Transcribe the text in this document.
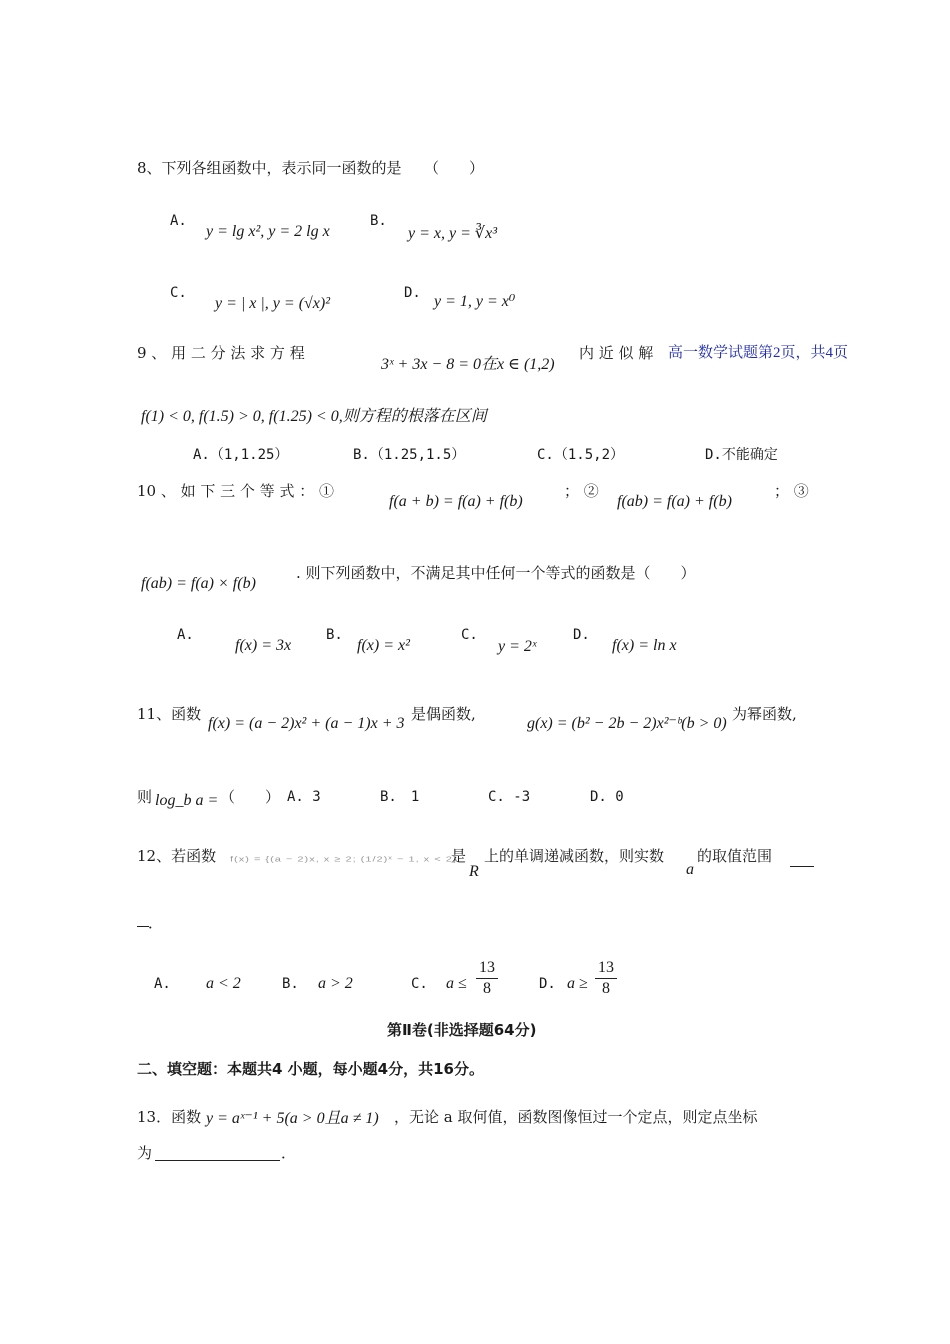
8、下列各组函数中，表示同一函数的是　　（　　）
A.
y = lg x², y = 2 lg x
B.
y = x, y = ∛x³
C.
y = | x |, y = (√x)²
D. y = 1, y = x⁰
9 、 用 二 分 法 求 方 程
3ˣ + 3x − 8 = 0在x ∈ (1,2)
内 近 似 解 高一数学试题第2页，共4页
f(1) < 0, f(1.5) > 0, f(1.25) < 0,则方程的根落在区间
A.（1,1.25）	B.（1.25,1.5）	C.（1.5,2）	D.不能确定
10 、 如 下 三 个 等 式 ： ①
f(a + b) = f(a) + f(b)
； ②
f(ab) = f(a) + f(b)
； ③
f(ab) = f(a) × f(b)
. 则下列函数中，不满足其中任何一个等式的函数是（　　）
A.
f(x) = 3x
B.
f(x) = x²
C.
y = 2ˣ
D.
f(x) = ln x
11、函数
f(x) = (a − 2)x² + (a − 1)x + 3
是偶函数,
g(x) = (b² − 2b − 2)x²⁻ᵇ(b > 0)
为幂函数,
则 log_b a = （　　） A. 3	B.　1	C. -3	D. 0
12、若函数 f(x) = {(a − 2)x, x ≥ 2; (1/2)ˣ − 1, x < 2}
是
R
上的单调递减函数，则实数
a
的取值范围
．
A. a < 2	B. a > 2	C. $a \le \frac{13}{8}$	D. $a \ge \frac{13}{8}$
第Ⅱ卷(非选择题64分)
二、填空题：本题共4 小题，每小题4分，共16分。
13．函数 y = aˣ⁻¹ + 5(a > 0且a ≠ 1) ，无论 a 取何值，函数图像恒过一个定点，则定点坐标
为	．
